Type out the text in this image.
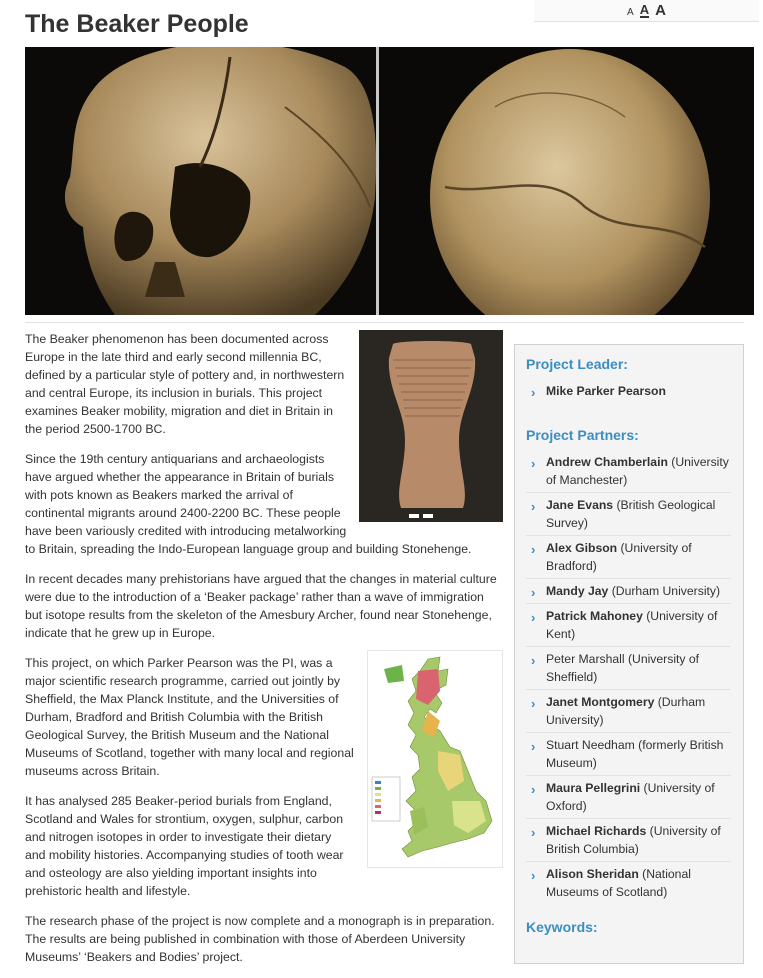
A A A
The Beaker People

The Beaker phenomenon has been documented across Europe in the late third and early second millennia BC, defined by a particular style of pottery and, in northwestern and central Europe, its inclusion in burials. This project examines Beaker mobility, migration and diet in Britain in the period 2500-1700 BC.

Since the 19th century antiquarians and archaeologists have argued whether the appearance in Britain of burials with pots known as Beakers marked the arrival of continental migrants around 2400-2200 BC. These people have been variously credited with introducing metalworking to Britain, spreading the Indo-European language group and building Stonehenge.

In recent decades many prehistorians have argued that the changes in material culture were due to the introduction of a ‘Beaker package’ rather than a wave of immigration but isotope results from the skeleton of the Amesbury Archer, found near Stonehenge, indicate that he grew up in Europe.

This project, on which Parker Pearson was the PI, was a major scientific research programme, carried out jointly by Sheffield, the Max Planck Institute, and the Universities of Durham, Bradford and British Columbia with the British Geological Survey, the British Museum and the National Museums of Scotland, together with many local and regional museums across Britain.

It has analysed 285 Beaker-period burials from England, Scotland and Wales for strontium, oxygen, sulphur, carbon and nitrogen isotopes in order to investigate their dietary and mobility histories. Accompanying studies of tooth wear and osteology are also yielding important insights into prehistoric health and lifestyle.

The research phase of the project is now complete and a monograph is in preparation. The results are being published in combination with those of Aberdeen University Museums’ ‘Beakers and Bodies’ project.

Project Leader:
› Mike Parker Pearson
Project Partners:
› Andrew Chamberlain (University of Manchester)
› Jane Evans (British Geological Survey)
› Alex Gibson (University of Bradford)
› Mandy Jay (Durham University)
› Patrick Mahoney (University of Kent)
› Peter Marshall (University of Sheffield)
› Janet Montgomery (Durham University)
› Stuart Needham (formerly British Museum)
› Maura Pellegrini (University of Oxford)
› Michael Richards (University of British Columbia)
› Alison Sheridan (National Museums of Scotland)
Keywords:
